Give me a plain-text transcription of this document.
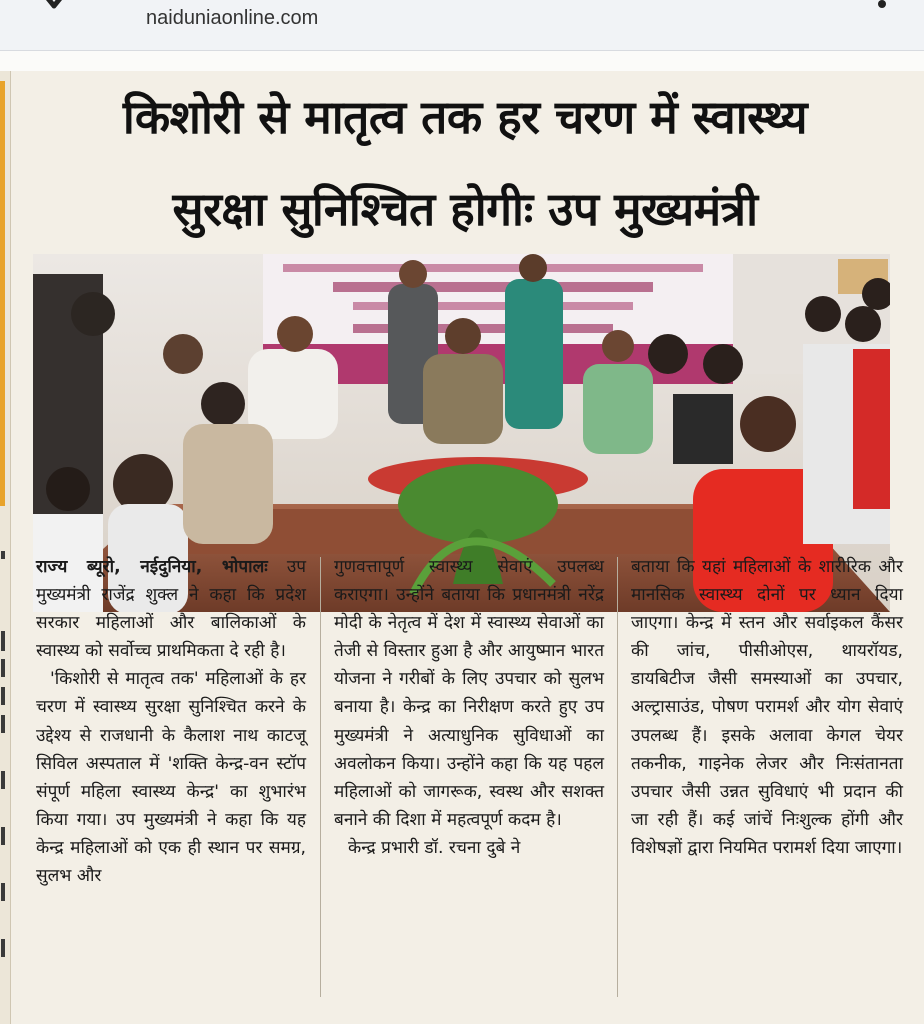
naiduniaonline.com
किशोरी से मातृत्व तक हर चरण में स्वास्थ्य
सुरक्षा सुनिश्चित होगीः उप मुख्यमंत्री

राज्य ब्यूरो, नईदुनिया, भोपालः उप मुख्यमंत्री राजेंद्र शुक्ल ने कहा कि प्रदेश सरकार महिलाओं और बालिकाओं के स्वास्थ्य को सर्वोच्च प्राथमिकता दे रही है।

'किशोरी से मातृत्व तक' महिलाओं के हर चरण में स्वास्थ्य सुरक्षा सुनिश्चित करने के उद्देश्य से राजधानी के कैलाश नाथ काटजू सिविल अस्पताल में 'शक्ति केन्द्र-वन स्टॉप संपूर्ण महिला स्वास्थ्य केन्द्र' का शुभारंभ किया गया। उप मुख्यमंत्री ने कहा कि यह केन्द्र महिलाओं को एक ही स्थान पर समग्र, सुलभ और

गुणवत्तापूर्ण स्वास्थ्य सेवाएं उपलब्ध कराएगा। उन्होंने बताया कि प्रधानमंत्री नरेंद्र मोदी के नेतृत्व में देश में स्वास्थ्य सेवाओं का तेजी से विस्तार हुआ है और आयुष्मान भारत योजना ने गरीबों के लिए उपचार को सुलभ बनाया है। केन्द्र का निरीक्षण करते हुए उप मुख्यमंत्री ने अत्याधुनिक सुविधाओं का अवलोकन किया। उन्होंने कहा कि यह पहल महिलाओं को जागरूक, स्वस्थ और सशक्त बनाने की दिशा में महत्वपूर्ण कदम है।

केन्द्र प्रभारी डॉ. रचना दुबे ने

बताया कि यहां महिलाओं के शारीरिक और मानसिक स्वास्थ्य दोनों पर ध्यान दिया जाएगा। केन्द्र में स्तन और सर्वाइकल कैंसर की जांच, पीसीओएस, थायरॉयड, डायबिटीज जैसी समस्याओं का उपचार, अल्ट्रासाउंड, पोषण परामर्श और योग सेवाएं उपलब्ध हैं। इसके अलावा केगल चेयर तकनीक, गाइनेक लेजर और निःसंतानता उपचार जैसी उन्नत सुविधाएं भी प्रदान की जा रही हैं। कई जांचें निःशुल्क होंगी और विशेषज्ञों द्वारा नियमित परामर्श दिया जाएगा।
